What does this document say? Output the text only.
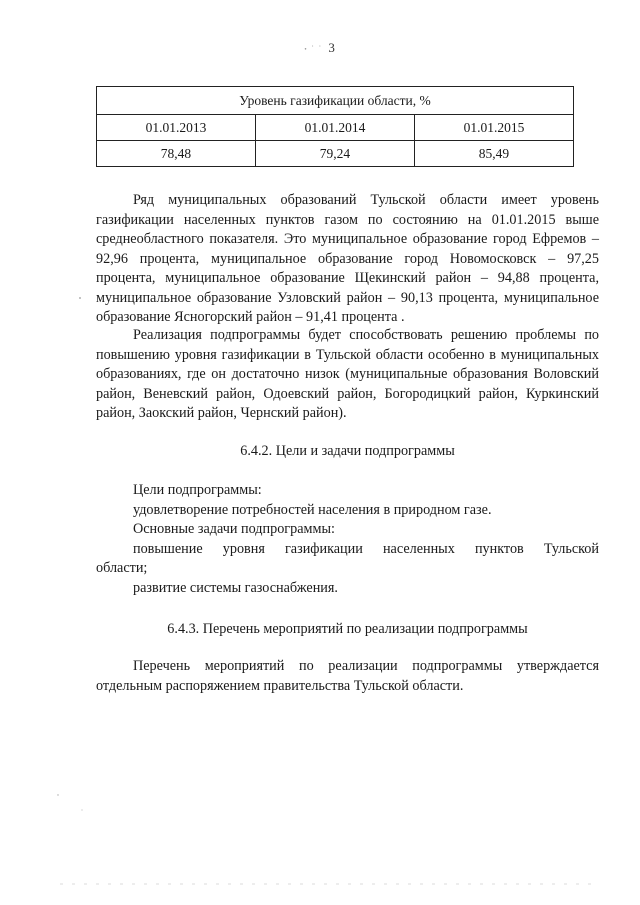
ꞏ ˙ ˙ 3
Уровень газификации области, %		
01.01.2013	01.01.2014	01.01.2015
78,48	79,24	85,49

Ряд муниципальных образований Тульской области имеет уровень газификации населенных пунктов газом по состоянию на 01.01.2015 выше среднеобластного показателя. Это муниципальное образование город Ефремов – 92,96 процента, муниципальное образование город Новомосковск – 97,25 процента, муниципальное образование Щекинский район – 94,88 процента, муниципальное образование Узловский район – 90,13 процента, муниципальное образование Ясногорский район – 91,41 процента .

Реализация подпрограммы будет способствовать решению проблемы по повышению уровня газификации в Тульской области особенно в муниципальных образованиях, где он достаточно низок (муниципальные образования Воловский район, Веневский район, Одоевский район, Богородицкий район, Куркинский район, Заокский район, Чернский район).

6.4.2. Цели и задачи подпрограммы

Цели подпрограммы:

удовлетворение потребностей населения в природном газе.

Основные задачи подпрограммы:

повышение уровня газификации населенных пунктов Тульской

области;

развитие системы газоснабжения.

6.4.3. Перечень мероприятий по реализации подпрограммы

Перечень мероприятий по реализации подпрограммы утверждается отдельным распоряжением правительства Тульской области.
